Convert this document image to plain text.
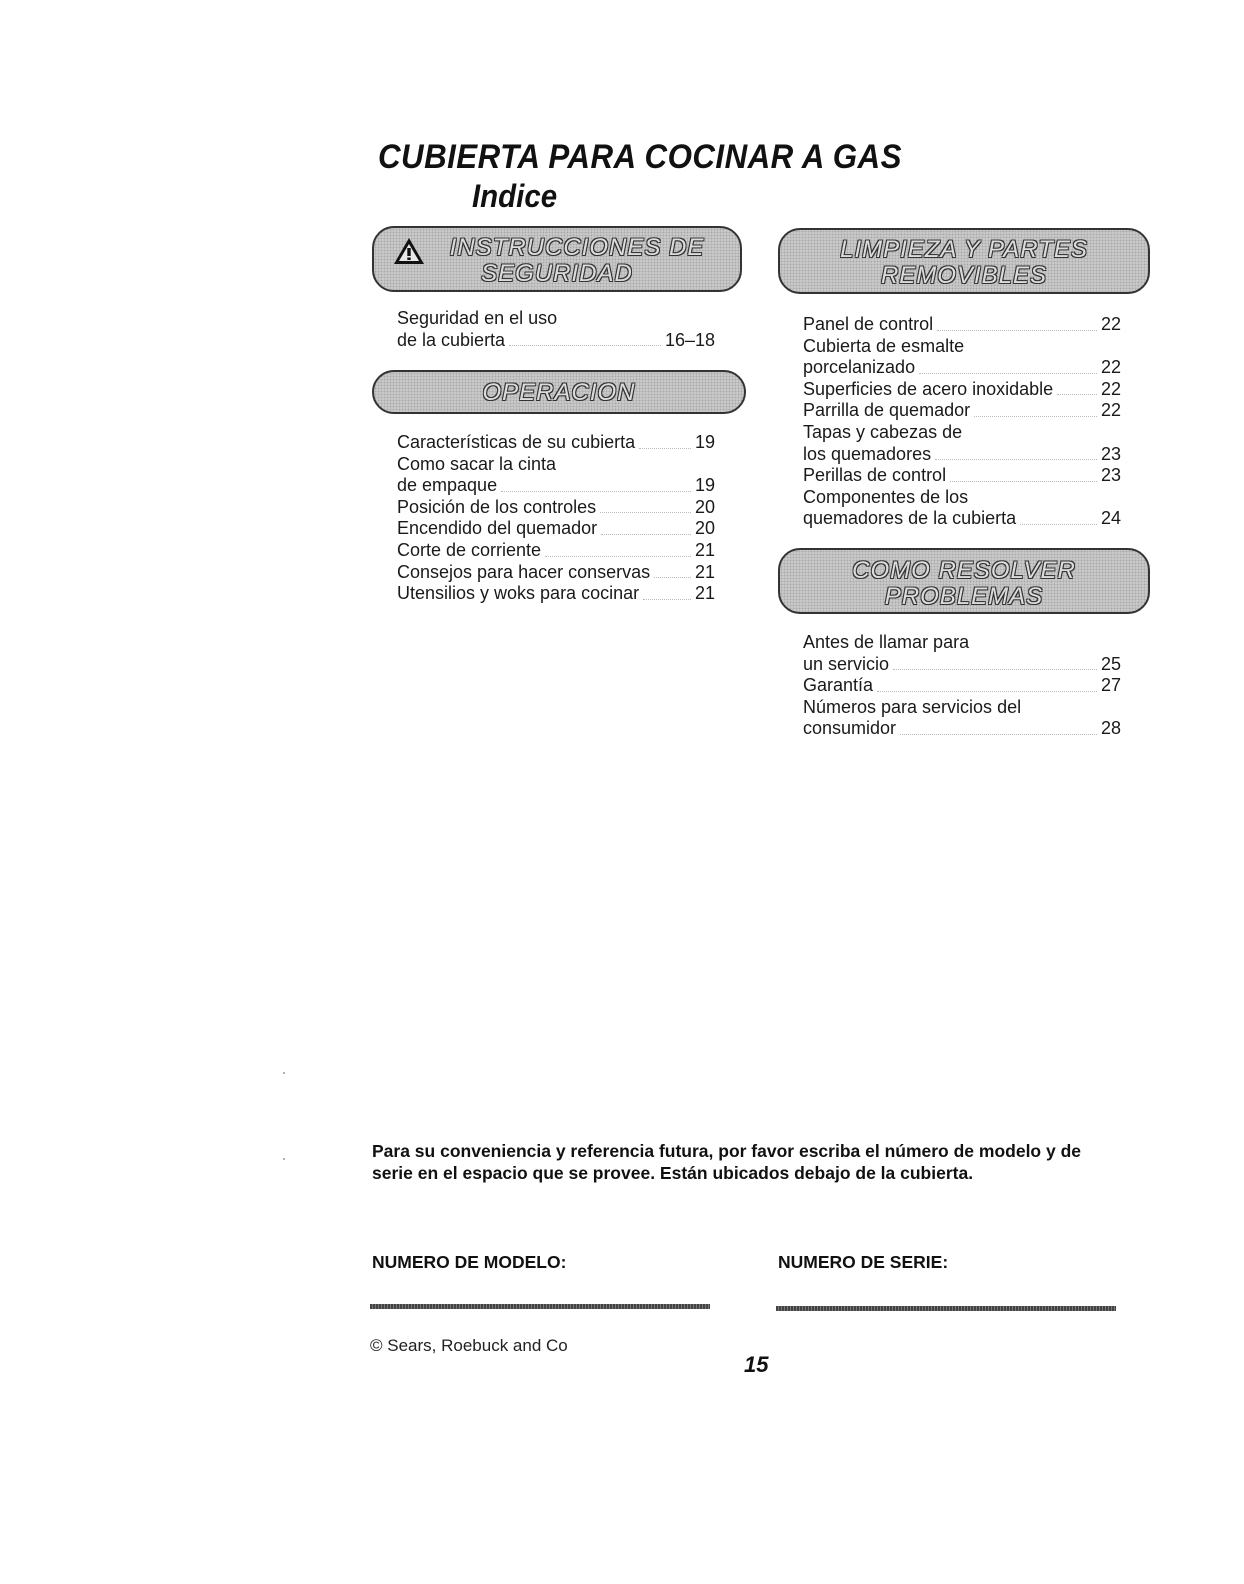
CUBIERTA PARA COCINAR A GAS
Indice
INSTRUCCIONES DE
SEGURIDAD
Seguridad en el uso
de la cubierta	16–18
OPERACION
Características de su cubierta	19
Como sacar la cinta
de empaque	19
Posición de los controles	20
Encendido del quemador	20
Corte de corriente	21
Consejos para hacer conservas 21
Utensilios y woks para cocinar	21
LIMPIEZA Y PARTES
REMOVIBLES
Panel de control	22
Cubierta de esmalte
porcelanizado	22
Superficies de acero inoxidable	22
Parrilla de quemador	22
Tapas y cabezas de
los quemadores	23
Perillas de control	23
Componentes de los
quemadores de la cubierta	24
COMO RESOLVER
PROBLEMAS
Antes de llamar para
un servicio	25
Garantía	27
Números para servicios del
consumidor	28
Para su conveniencia y referencia futura, por favor escriba el número de modelo y de serie en el espacio que se provee. Están ubicados debajo de la cubierta.
NUMERO DE MODELO:	NUMERO DE SERIE:
© Sears, Roebuck and Co
15
